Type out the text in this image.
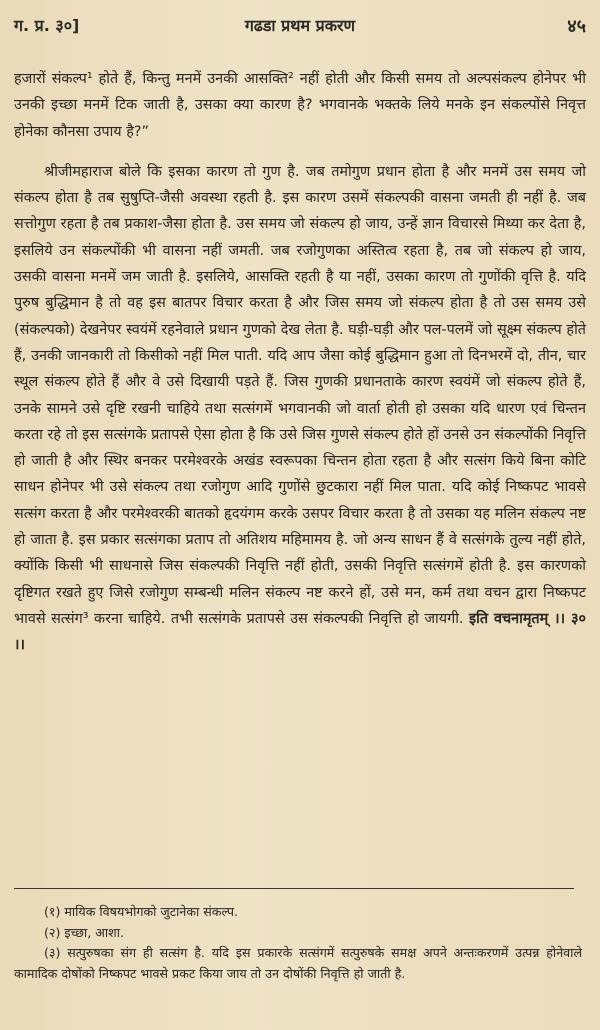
ग. प्र. ३०]	गढडा प्रथम प्रकरण	४५

हजारों संकल्प¹ होते हैं, किन्तु मनमें उनकी आसक्ति² नहीं होती और किसी समय तो अल्पसंकल्प होनेपर भी उनकी इच्छा मनमें टिक जाती है, उसका क्या कारण है? भगवानके भक्तके लिये मनके इन संकल्पोंसे निवृत्त होनेका कौनसा उपाय है?”

श्रीजीमहाराज बोले कि इसका कारण तो गुण है. जब तमोगुण प्रधान होता है और मनमें उस समय जो संकल्प होता है तब सुषुप्ति-जैसी अवस्था रहती है. इस कारण उसमें संकल्पकी वासना जमती ही नहीं है. जब सत्तोगुण रहता है तब प्रकाश-जैसा होता है. उस समय जो संकल्प हो जाय, उन्हें ज्ञान विचारसे मिथ्या कर देता है, इसलिये उन संकल्पोंकी भी वासना नहीं जमती. जब रजोगुणका अस्तित्व रहता है, तब जो संकल्प हो जाय, उसकी वासना मनमें जम जाती है. इसलिये, आसक्ति रहती है या नहीं, उसका कारण तो गुणोंकी वृत्ति है. यदि पुरुष बुद्धिमान है तो वह इस बातपर विचार करता है और जिस समय जो संकल्प होता है तो उस समय उसे (संकल्पको) देखनेपर स्वयंमें रहनेवाले प्रधान गुणको देख लेता है. घड़ी-घड़ी और पल-पलमें जो सूक्ष्म संकल्प होते हैं, उनकी जानकारी तो किसीको नहीं मिल पाती. यदि आप जैसा कोई बुद्धिमान हुआ तो दिनभरमें दो, तीन, चार स्थूल संकल्प होते हैं और वे उसे दिखायी पड़ते हैं. जिस गुणकी प्रधानताके कारण स्वयंमें जो संकल्प होते हैं, उनके सामने उसे दृष्टि रखनी चाहिये तथा सत्संगमें भगवानकी जो वार्ता होती हो उसका यदि धारण एवं चिन्तन करता रहे तो इस सत्संगके प्रतापसे ऐसा होता है कि उसे जिस गुणसे संकल्प होते हों उनसे उन संकल्पोंकी निवृत्ति हो जाती है और स्थिर बनकर परमेश्वरके अखंड स्वरूपका चिन्तन होता रहता है और सत्संग किये बिना कोटि साधन होनेपर भी उसे संकल्प तथा रजोगुण आदि गुणोंसे छुटकारा नहीं मिल पाता. यदि कोई निष्कपट भावसे सत्संग करता है और परमेश्वरकी बातको हृदयंगम करके उसपर विचार करता है तो उसका यह मलिन संकल्प नष्ट हो जाता है. इस प्रकार सत्संगका प्रताप तो अतिशय महिमामय है. जो अन्य साधन हैं वे सत्संगके तुल्य नहीं होते, क्योंकि किसी भी साधनासे जिस संकल्पकी निवृत्ति नहीं होती, उसकी निवृत्ति सत्संगमें होती है. इस कारणको दृष्टिगत रखते हुए जिसे रजोगुण सम्बन्धी मलिन संकल्प नष्ट करने हों, उसे मन, कर्म तथा वचन द्वारा निष्कपट भावसे सत्संग³ करना चाहिये. तभी सत्संगके प्रतापसे उस संकल्पकी निवृत्ति हो जायगी. इति वचनामृतम् ।। ३० ।।

(१) मायिक विषयभोगको जुटानेका संकल्प.

(२) इच्छा, आशा.

(३) सत्पुरुषका संग ही सत्संग है. यदि इस प्रकारके सत्संगमें सत्पुरुषके समक्ष अपने अन्तःकरणमें उत्पन्न होनेवाले कामादिक दोषोंको निष्कपट भावसे प्रकट किया जाय तो उन दोषोंकी निवृत्ति हो जाती है.
